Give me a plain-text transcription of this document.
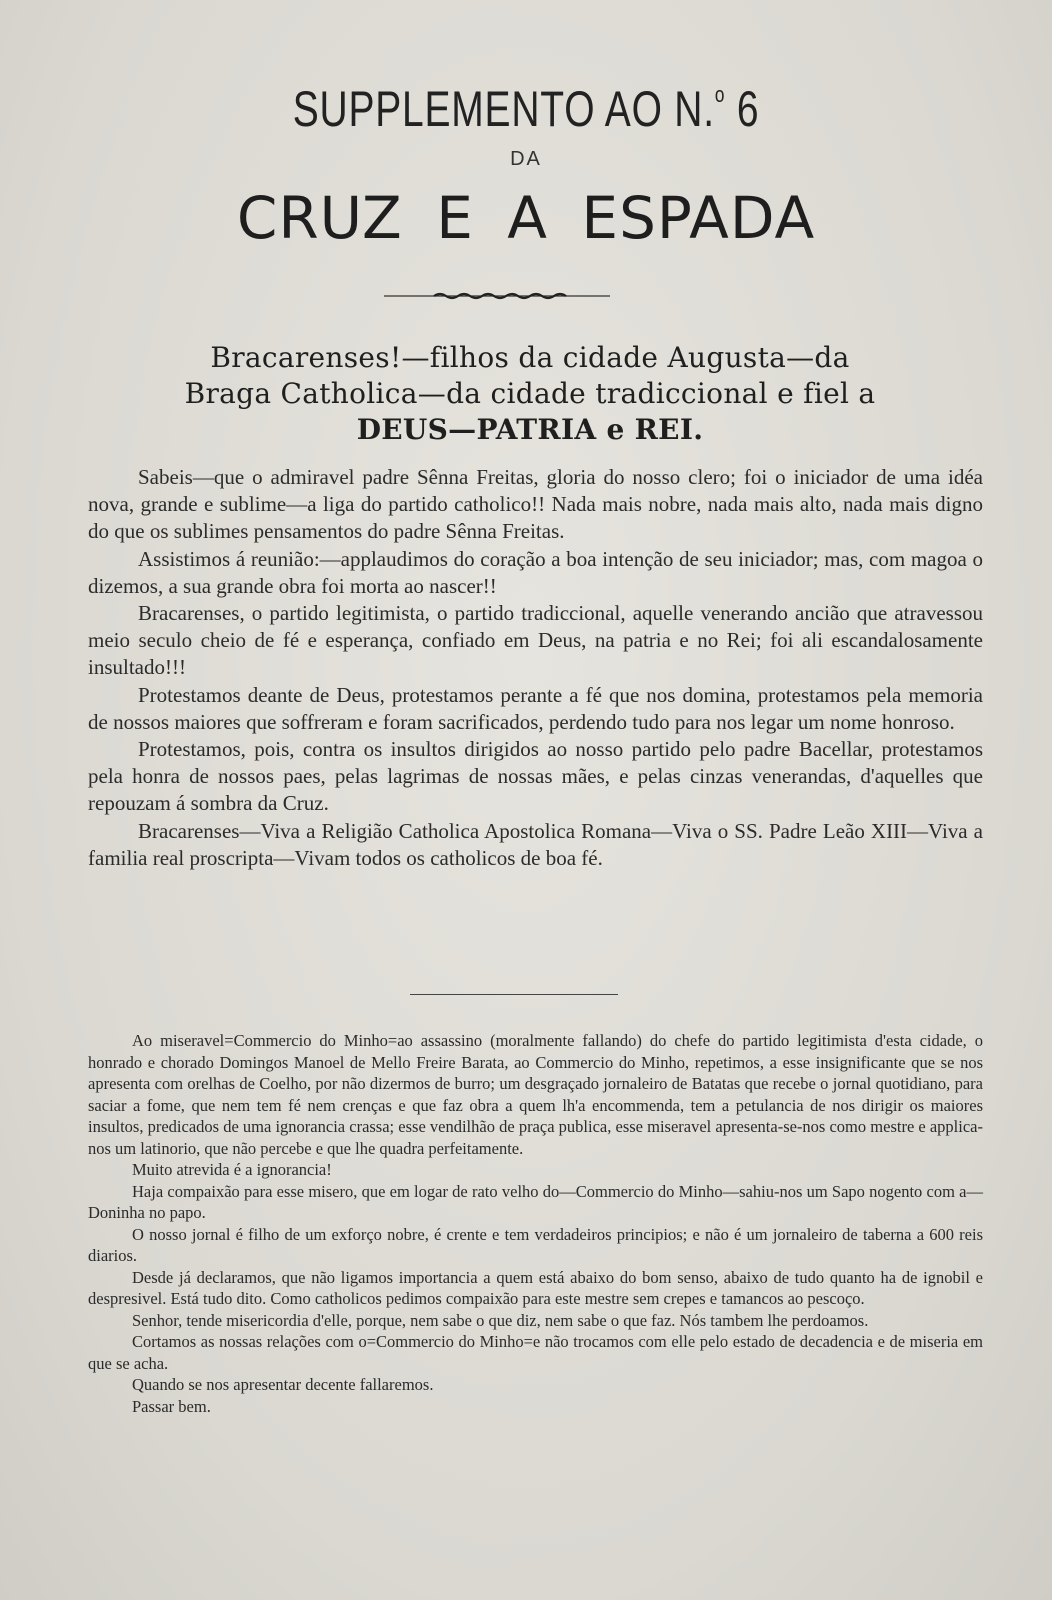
SUPPLEMENTO AO N.$^o$ 6
DA
CRUZ E A ESPADA
Bracarenses!—filhos da cidade Augusta—da
Braga Catholica—da cidade tradiccional e fiel a
DEUS—PATRIA e REI.

Sabeis—que o admiravel padre Sênna Freitas, gloria do nosso clero; foi o iniciador de uma idéa nova, grande e sublime—a liga do partido catholico!! Nada mais nobre, nada mais alto, nada mais digno do que os sublimes pensamentos do padre Sênna Freitas.

Assistimos á reunião:—applaudimos do coração a boa intenção de seu iniciador; mas, com magoa o dizemos, a sua grande obra foi morta ao nascer!!

Bracarenses, o partido legitimista, o partido tradiccional, aquelle venerando ancião que atravessou meio seculo cheio de fé e esperança, confiado em Deus, na patria e no Rei; foi ali escandalosamente insultado!!!

Protestamos deante de Deus, protestamos perante a fé que nos domina, protestamos pela memoria de nossos maiores que soffreram e foram sacrificados, perdendo tudo para nos legar um nome honroso.

Protestamos, pois, contra os insultos dirigidos ao nosso partido pelo padre Bacellar, protestamos pela honra de nossos paes, pelas lagrimas de nossas mães, e pelas cinzas venerandas, d'aquelles que repouzam á sombra da Cruz.

Bracarenses—Viva a Religião Catholica Apostolica Romana—Viva o SS. Padre Leão XIII—Viva a familia real proscripta—Vivam todos os catholicos de boa fé.

Ao miseravel=Commercio do Minho=ao assassino (moralmente fallando) do chefe do partido legitimista d'esta cidade, o honrado e chorado Domingos Manoel de Mello Freire Barata, ao Commercio do Minho, repetimos, a esse insignificante que se nos apresenta com orelhas de Coelho, por não dizermos de burro; um desgraçado jornaleiro de Batatas que recebe o jornal quotidiano, para saciar a fome, que nem tem fé nem crenças e que faz obra a quem lh'a encommenda, tem a petulancia de nos dirigir os maiores insultos, predicados de uma ignorancia crassa; esse vendilhão de praça publica, esse miseravel apresenta-se-nos como mestre e applica-nos um latinorio, que não percebe e que lhe quadra perfeitamente.

Muito atrevida é a ignorancia!

Haja compaixão para esse misero, que em logar de rato velho do—Commercio do Minho—sahiu-nos um Sapo nogento com a—Doninha no papo.

O nosso jornal é filho de um exforço nobre, é crente e tem verdadeiros principios; e não é um jornaleiro de taberna a 600 reis diarios.

Desde já declaramos, que não ligamos importancia a quem está abaixo do bom senso, abaixo de tudo quanto ha de ignobil e despresivel. Está tudo dito. Como catholicos pedimos compaixão para este mestre sem crepes e tamancos ao pescoço.

Senhor, tende misericordia d'elle, porque, nem sabe o que diz, nem sabe o que faz. Nós tambem lhe perdoamos.

Cortamos as nossas relações com o=Commercio do Minho=e não trocamos com elle pelo estado de decadencia e de miseria em que se acha.

Quando se nos apresentar decente fallaremos.

Passar bem.
